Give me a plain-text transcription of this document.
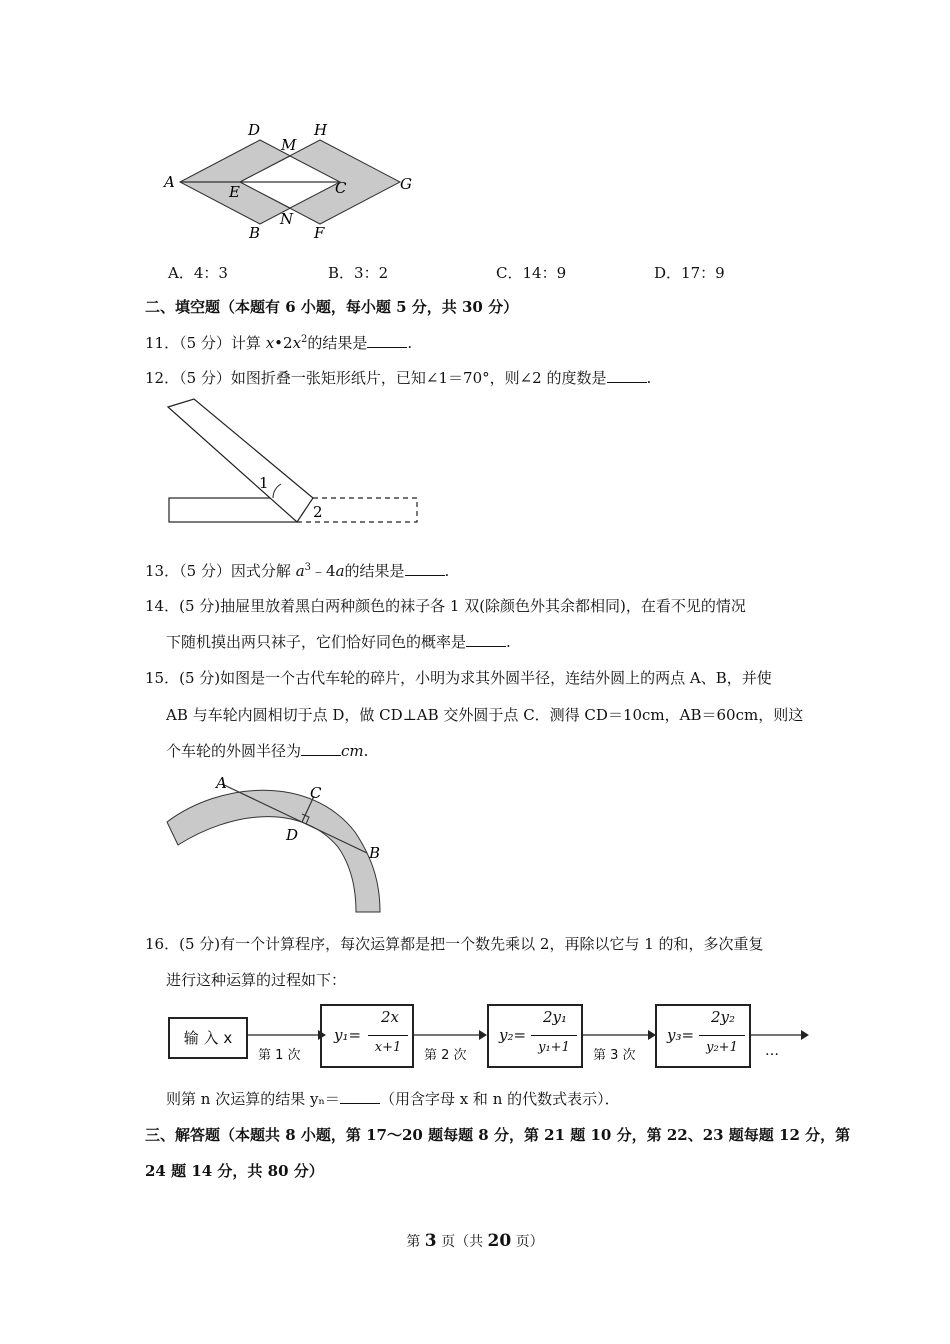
D
M
H
A
E	C	G
N
B	F
A．4：3	B．3：2	C．14：9	D．17：9
二、填空题（本题有 6 小题，每小题 5 分，共 30 分）
11．（5 分）计算 $x•2x^2$的结果是	.
12．（5 分）如图折叠一张矩形纸片，已知∠1＝70°，则∠2 的度数是	.
1
2
13．（5 分）因式分解 $a^3﹣4a$的结果是	.
14．(5 分)抽屉里放着黑白两种颜色的袜子各 1 双(除颜色外其余都相同)，在看不见的情况
下随机摸出两只袜子，它们恰好同色的概率是	.
15．(5 分)如图是一个古代车轮的碎片，小明为求其外圆半径，连结外圆上的两点 A、B，并使
AB 与车轮内圆相切于点 D，做 CD⊥AB 交外圆于点 C．测得 CD＝10cm，AB＝60cm，则这
个车轮的外圆半径为	cm.
A
C
D
B
16．(5 分)有一个计算程序，每次运算都是把一个数先乘以 2，再除以它与 1 的和，多次重复
进行这种运算的过程如下：
输 入 x	y₁=
2x
x+1
y₂=
2y₁
y₁+1
y₃=
2y₂
y₂+1
第 1 次	第 2 次	第 3 次	…
则第 n 次运算的结果 yₙ＝	（用含字母 x 和 n 的代数式表示）．
三、解答题（本题共 8 小题，第 17～20 题每题 8 分，第 21 题 10 分，第 22、23 题每题 12 分，第
24 题 14 分，共 80 分）
第 3 页（共 20 页）
